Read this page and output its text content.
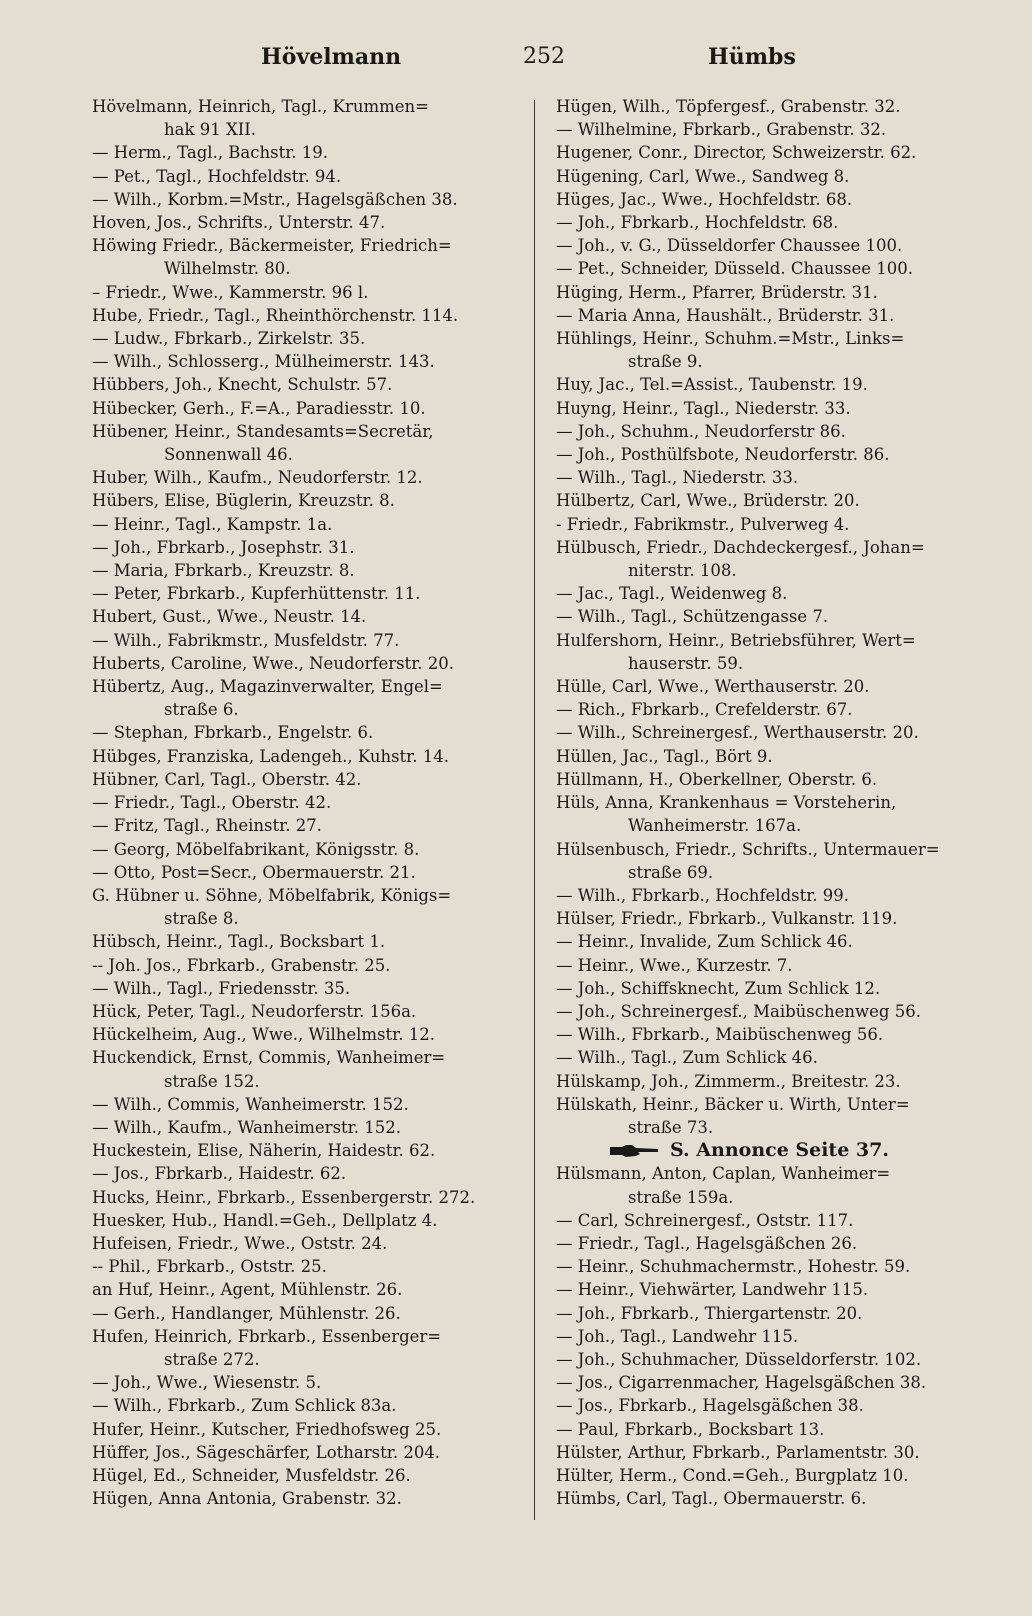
Hövelmann	252	Hümbs
Hövelmann, Heinrich, Tagl., Krummen=
hak 91 XII.
— Herm., Tagl., Bachstr. 19.
— Pet., Tagl., Hochfeldstr. 94.
— Wilh., Korbm.=Mstr., Hagelsgäßchen 38.
Hoven, Jos., Schrifts., Unterstr. 47.
Höwing Friedr., Bäckermeister, Friedrich=
Wilhelmstr. 80.
– Friedr., Wwe., Kammerstr. 96 l.
Hube, Friedr., Tagl., Rheinthörchenstr. 114.
— Ludw., Fbrkarb., Zirkelstr. 35.
— Wilh., Schlosserg., Mülheimerstr. 143.
Hübbers, Joh., Knecht, Schulstr. 57.
Hübecker, Gerh., F.=A., Paradiesstr. 10.
Hübener, Heinr., Standesamts=Secretär,
Sonnenwall 46.
Huber, Wilh., Kaufm., Neudorferstr. 12.
Hübers, Elise, Büglerin, Kreuzstr. 8.
— Heinr., Tagl., Kampstr. 1a.
— Joh., Fbrkarb., Josephstr. 31.
— Maria, Fbrkarb., Kreuzstr. 8.
— Peter, Fbrkarb., Kupferhüttenstr. 11.
Hubert, Gust., Wwe., Neustr. 14.
— Wilh., Fabrikmstr., Musfeldstr. 77.
Huberts, Caroline, Wwe., Neudorferstr. 20.
Hübertz, Aug., Magazinverwalter, Engel=
straße 6.
— Stephan, Fbrkarb., Engelstr. 6.
Hübges, Franziska, Ladengeh., Kuhstr. 14.
Hübner, Carl, Tagl., Oberstr. 42.
— Friedr., Tagl., Oberstr. 42.
— Fritz, Tagl., Rheinstr. 27.
— Georg, Möbelfabrikant, Königsstr. 8.
— Otto, Post=Secr., Obermauerstr. 21.
G. Hübner u. Söhne, Möbelfabrik, Königs=
straße 8.
Hübsch, Heinr., Tagl., Bocksbart 1.
-- Joh. Jos., Fbrkarb., Grabenstr. 25.
— Wilh., Tagl., Friedensstr. 35.
Hück, Peter, Tagl., Neudorferstr. 156a.
Hückelheim, Aug., Wwe., Wilhelmstr. 12.
Huckendick, Ernst, Commis, Wanheimer=
straße 152.
— Wilh., Commis, Wanheimerstr. 152.
— Wilh., Kaufm., Wanheimerstr. 152.
Huckestein, Elise, Näherin, Haidestr. 62.
— Jos., Fbrkarb., Haidestr. 62.
Hucks, Heinr., Fbrkarb., Essenbergerstr. 272.
Huesker, Hub., Handl.=Geh., Dellplatz 4.
Hufeisen, Friedr., Wwe., Oststr. 24.
-- Phil., Fbrkarb., Oststr. 25.
an Huf, Heinr., Agent, Mühlenstr. 26.
— Gerh., Handlanger, Mühlenstr. 26.
Hufen, Heinrich, Fbrkarb., Essenberger=
straße 272.
— Joh., Wwe., Wiesenstr. 5.
— Wilh., Fbrkarb., Zum Schlick 83a.
Hufer, Heinr., Kutscher, Friedhofsweg 25.
Hüffer, Jos., Sägeschärfer, Lotharstr. 204.
Hügel, Ed., Schneider, Musfeldstr. 26.
Hügen, Anna Antonia, Grabenstr. 32.
Hügen, Wilh., Töpfergesf., Grabenstr. 32.
— Wilhelmine, Fbrkarb., Grabenstr. 32.
Hugener, Conr., Director, Schweizerstr. 62.
Hügening, Carl, Wwe., Sandweg 8.
Hüges, Jac., Wwe., Hochfeldstr. 68.
— Joh., Fbrkarb., Hochfeldstr. 68.
— Joh., v. G., Düsseldorfer Chaussee 100.
— Pet., Schneider, Düsseld. Chaussee 100.
Hüging, Herm., Pfarrer, Brüderstr. 31.
— Maria Anna, Haushält., Brüderstr. 31.
Hühlings, Heinr., Schuhm.=Mstr., Links=
straße 9.
Huy, Jac., Tel.=Assist., Taubenstr. 19.
Huyng, Heinr., Tagl., Niederstr. 33.
— Joh., Schuhm., Neudorferstr 86.
— Joh., Posthülfsbote, Neudorferstr. 86.
— Wilh., Tagl., Niederstr. 33.
Hülbertz, Carl, Wwe., Brüderstr. 20.
- Friedr., Fabrikmstr., Pulverweg 4.
Hülbusch, Friedr., Dachdeckergesf., Johan=
niterstr. 108.
— Jac., Tagl., Weidenweg 8.
— Wilh., Tagl., Schützengasse 7.
Hulfershorn, Heinr., Betriebsführer, Wert=
hauserstr. 59.
Hülle, Carl, Wwe., Werthauserstr. 20.
— Rich., Fbrkarb., Crefelderstr. 67.
— Wilh., Schreinergesf., Werthauserstr. 20.
Hüllen, Jac., Tagl., Bört 9.
Hüllmann, H., Oberkellner, Oberstr. 6.
Hüls, Anna, Krankenhaus = Vorsteherin,
Wanheimerstr. 167a.
Hülsenbusch, Friedr., Schrifts., Untermauer=
straße 69.
— Wilh., Fbrkarb., Hochfeldstr. 99.
Hülser, Friedr., Fbrkarb., Vulkanstr. 119.
— Heinr., Invalide, Zum Schlick 46.
— Heinr., Wwe., Kurzestr. 7.
— Joh., Schiffsknecht, Zum Schlick 12.
— Joh., Schreinergesf., Maibüschenweg 56.
— Wilh., Fbrkarb., Maibüschenweg 56.
— Wilh., Tagl., Zum Schlick 46.
Hülskamp, Joh., Zimmerm., Breitestr. 23.
Hülskath, Heinr., Bäcker u. Wirth, Unter=
straße 73.
S. Annonce Seite 37.
Hülsmann, Anton, Caplan, Wanheimer=
straße 159a.
— Carl, Schreinergesf., Oststr. 117.
— Friedr., Tagl., Hagelsgäßchen 26.
— Heinr., Schuhmachermstr., Hohestr. 59.
— Heinr., Viehwärter, Landwehr 115.
— Joh., Fbrkarb., Thiergartenstr. 20.
— Joh., Tagl., Landwehr 115.
— Joh., Schuhmacher, Düsseldorferstr. 102.
— Jos., Cigarrenmacher, Hagelsgäßchen 38.
— Jos., Fbrkarb., Hagelsgäßchen 38.
— Paul, Fbrkarb., Bocksbart 13.
Hülster, Arthur, Fbrkarb., Parlamentstr. 30.
Hülter, Herm., Cond.=Geh., Burgplatz 10.
Hümbs, Carl, Tagl., Obermauerstr. 6.
